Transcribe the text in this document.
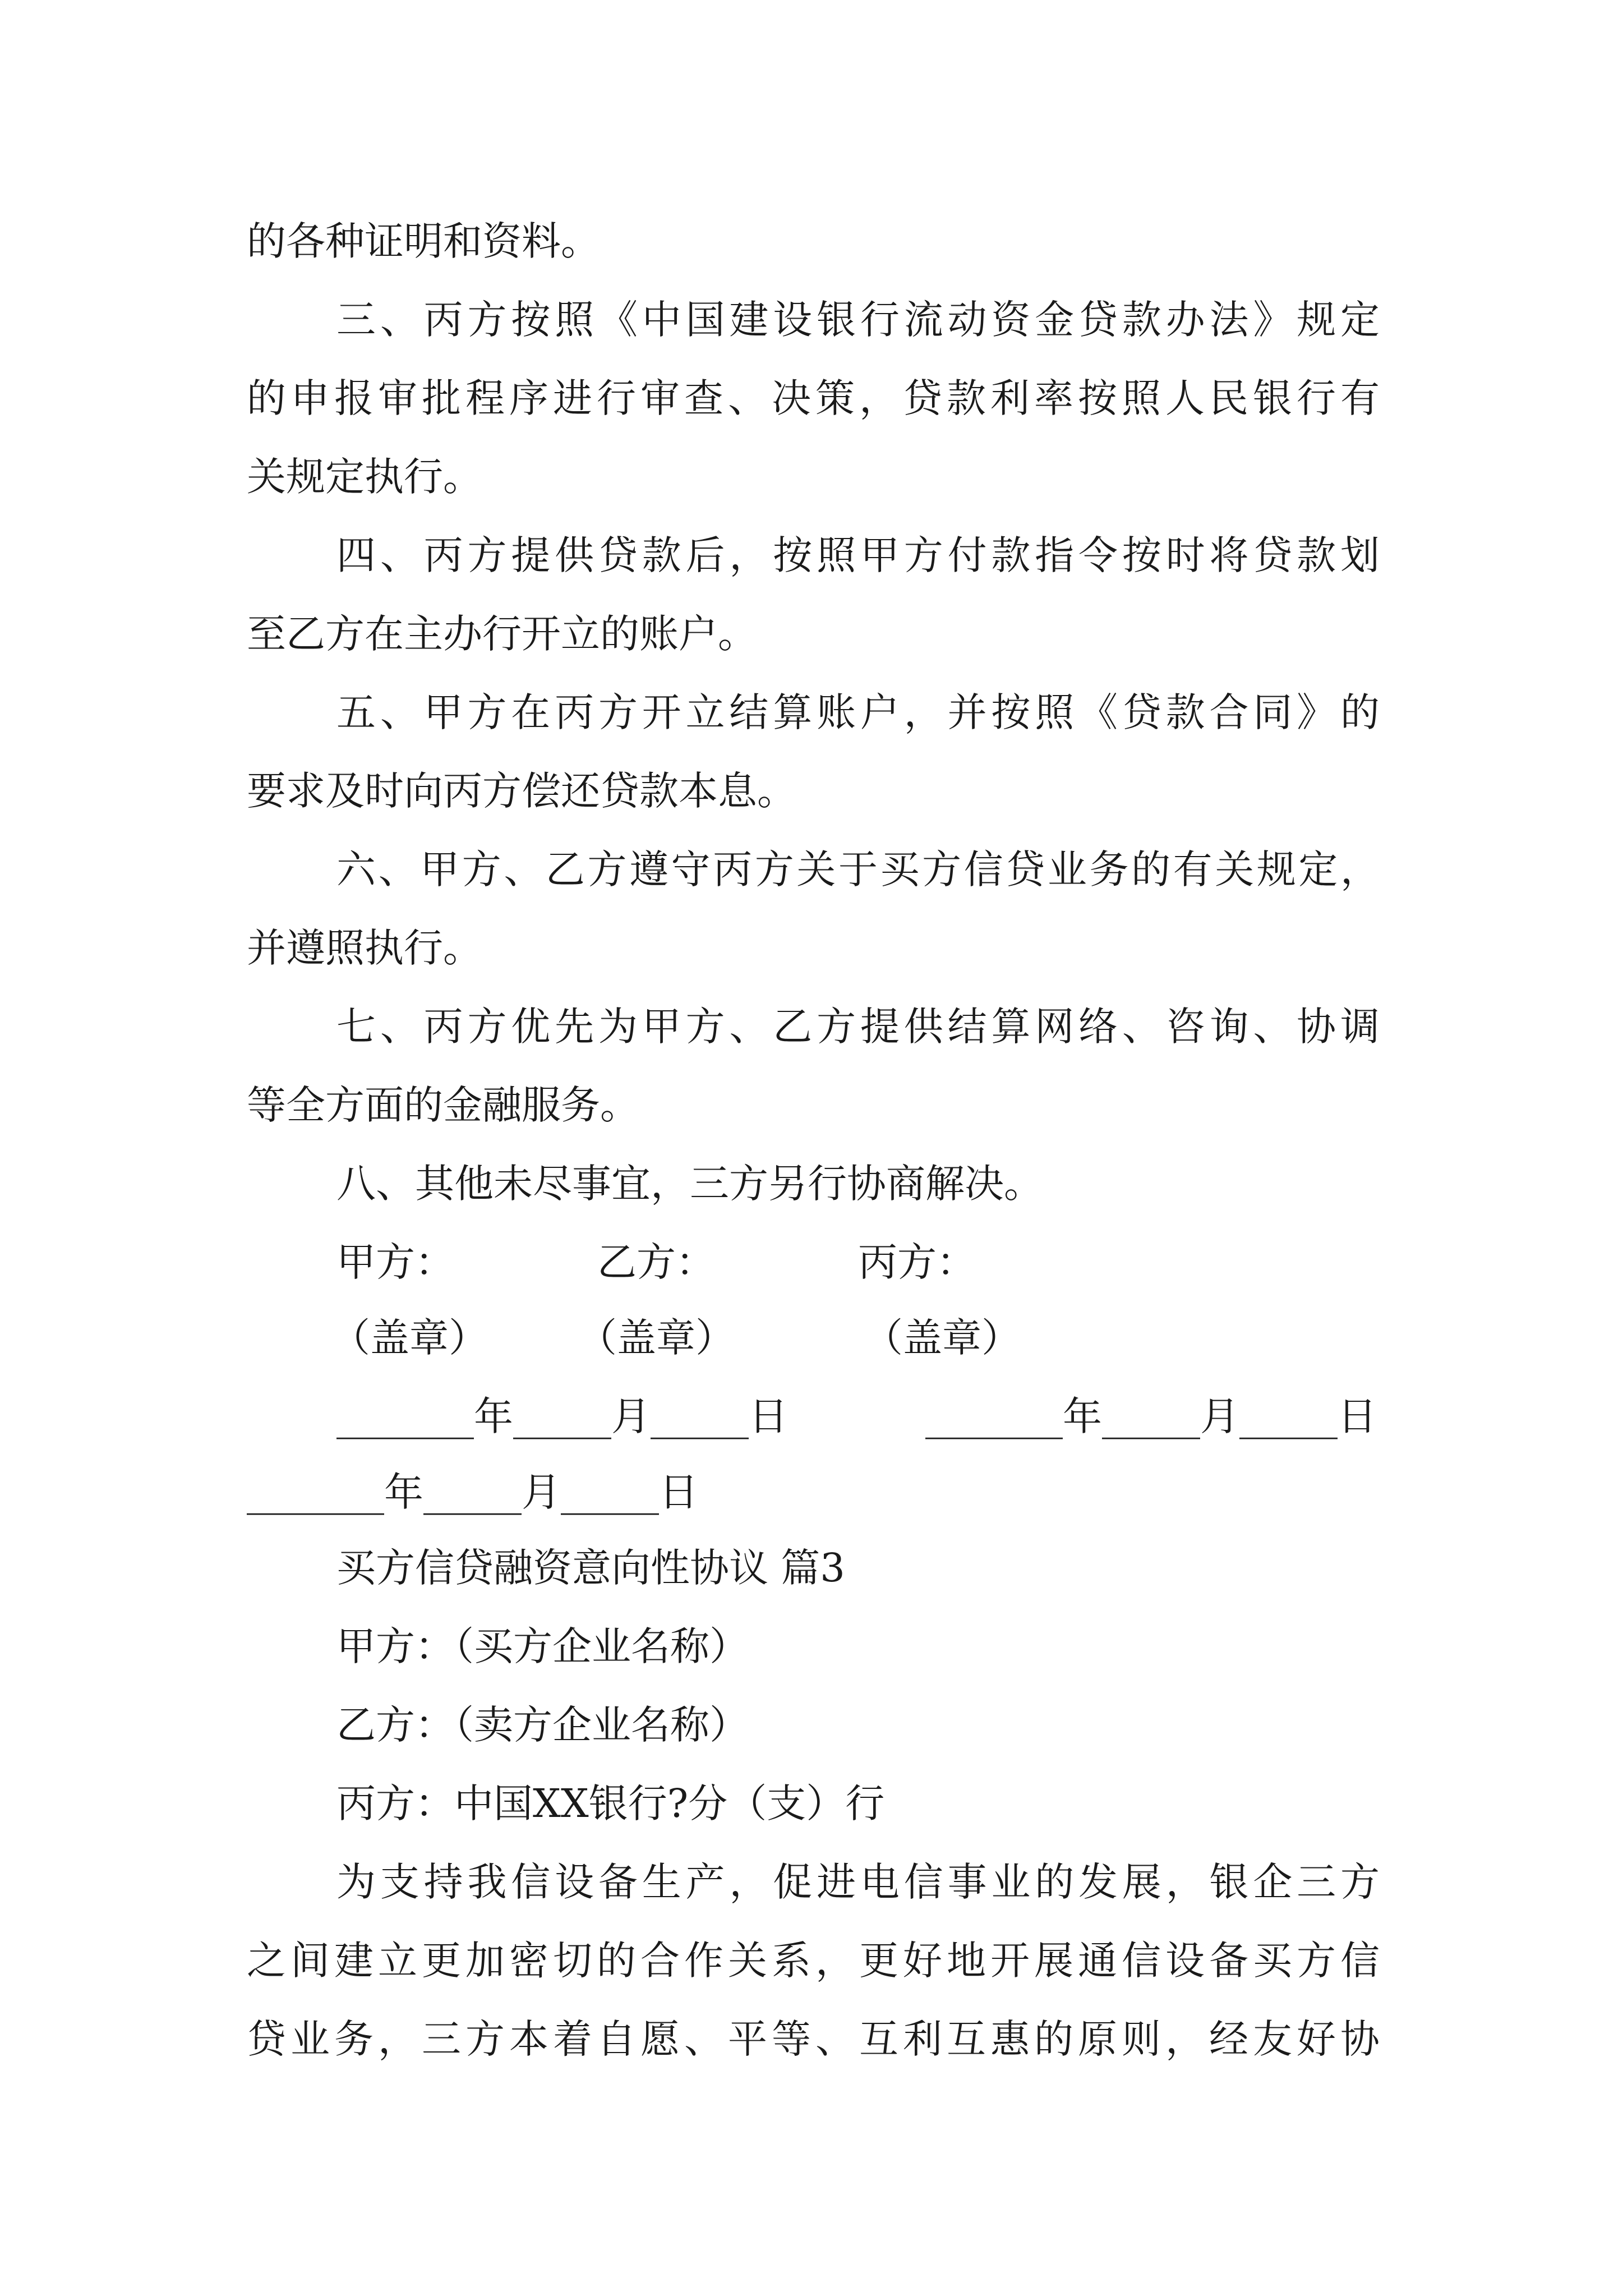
的各种证明和资料。
三、丙方按照《中国建设银行流动资金贷款办法》规定
的申报审批程序进行审查、决策，贷款利率按照人民银行有
关规定执行。
四、丙方提供贷款后，按照甲方付款指令按时将贷款划
至乙方在主办行开立的账户。
五、甲方在丙方开立结算账户，并按照《贷款合同》的
要求及时向丙方偿还贷款本息。
六、甲方、乙方遵守丙方关于买方信贷业务的有关规定，
并遵照执行。
七、丙方优先为甲方、乙方提供结算网络、咨询、协调
等全方面的金融服务。
八、其他未尽事宜，三方另行协商解决。
甲方：	乙方：	丙方：
（盖章） （盖章）	（盖章）
_______年_____月_____日	_______年_____月_____日
_______年_____月_____日
买方信贷融资意向性协议 篇3
甲方：（买方企业名称）
乙方：（卖方企业名称）
丙方：中国XX银行?分（支）行
为支持我信设备生产，促进电信事业的发展，银企三方
之间建立更加密切的合作关系，更好地开展通信设备买方信
贷业务，三方本着自愿、平等、互利互惠的原则，经友好协
